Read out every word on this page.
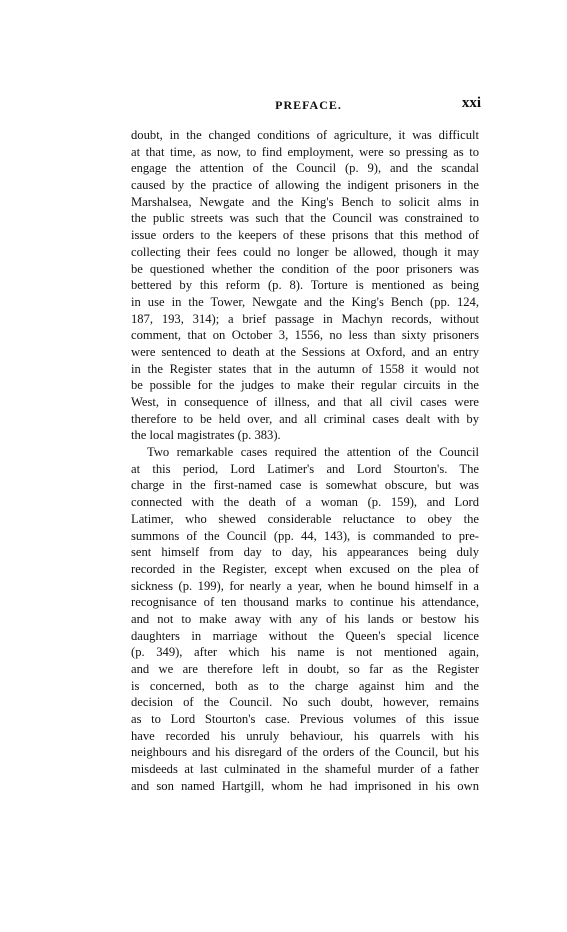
PREFACE.	xxi
doubt, in the changed conditions of agriculture, it was difficult
at that time, as now, to find employment, were so pressing as to
engage the attention of the Council (p. 9), and the scandal
caused by the practice of allowing the indigent prisoners in the
Marshalsea, Newgate and the King's Bench to solicit alms in
the public streets was such that the Council was constrained to
issue orders to the keepers of these prisons that this method of
collecting their fees could no longer be allowed, though it may
be questioned whether the condition of the poor prisoners was
bettered by this reform (p. 8). Torture is mentioned as being
in use in the Tower, Newgate and the King's Bench (pp. 124,
187, 193, 314); a brief passage in Machyn records, without
comment, that on October 3, 1556, no less than sixty prisoners
were sentenced to death at the Sessions at Oxford, and an entry
in the Register states that in the autumn of 1558 it would not
be possible for the judges to make their regular circuits in the
West, in consequence of illness, and that all civil cases were
therefore to be held over, and all criminal cases dealt with by
the local magistrates (p. 383).
Two remarkable cases required the attention of the Council
at this period, Lord Latimer's and Lord Stourton's. The
charge in the first-named case is somewhat obscure, but was
connected with the death of a woman (p. 159), and Lord
Latimer, who shewed considerable reluctance to obey the
summons of the Council (pp. 44, 143), is commanded to pre-
sent himself from day to day, his appearances being duly
recorded in the Register, except when excused on the plea of
sickness (p. 199), for nearly a year, when he bound himself in a
recognisance of ten thousand marks to continue his attendance,
and not to make away with any of his lands or bestow his
daughters in marriage without the Queen's special licence
(p. 349), after which his name is not mentioned again,
and we are therefore left in doubt, so far as the Register
is concerned, both as to the charge against him and the
decision of the Council. No such doubt, however, remains
as to Lord Stourton's case. Previous volumes of this issue
have recorded his unruly behaviour, his quarrels with his
neighbours and his disregard of the orders of the Council, but his
misdeeds at last culminated in the shameful murder of a father
and son named Hartgill, whom he had imprisoned in his own
